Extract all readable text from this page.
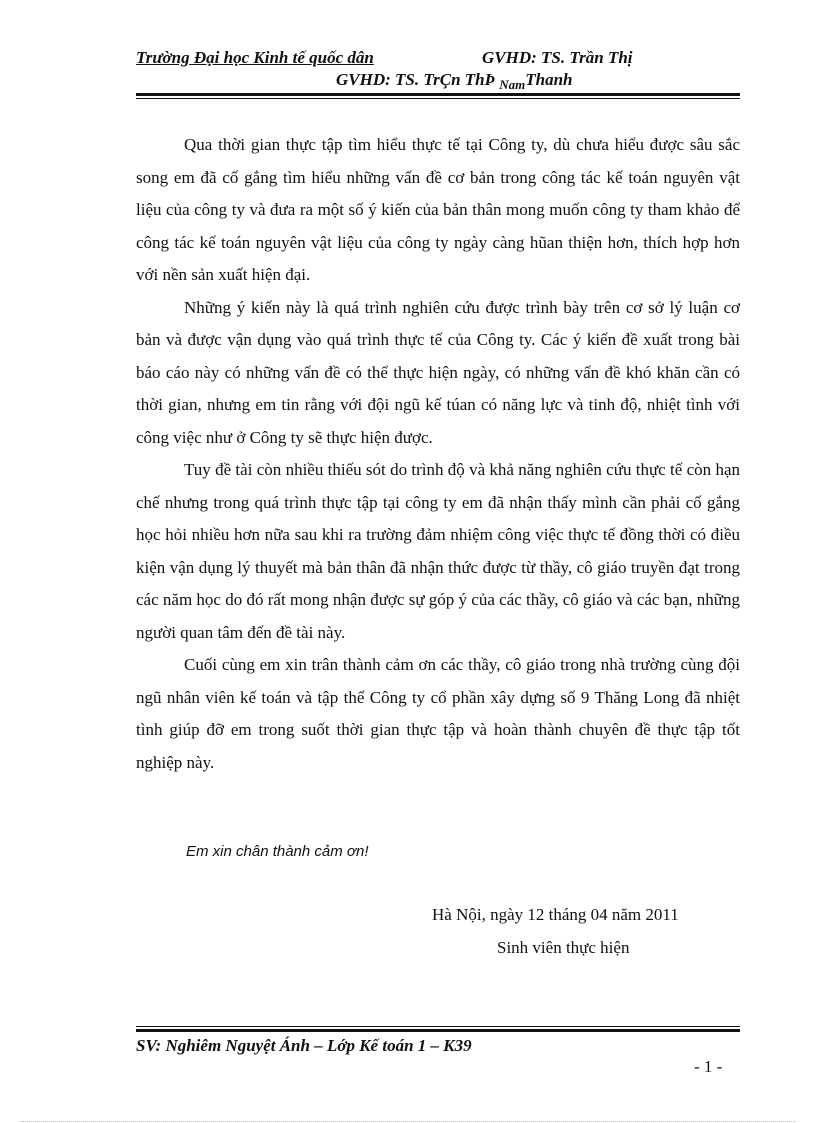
Trường Đại học Kinh tế quốc dân	GVHD: TS. Trần Thị
GVHD: TS. TrÇn ThÞ $_{Nam}$Thanh

Qua thời gian thực tập tìm hiểu thực tế tại Công ty, dù chưa hiểu được sâu sắc song em đã cố gắng tìm hiểu những vấn đề cơ bản trong công tác kế toán nguyên vật liệu của công ty và đưa ra một số ý kiến của bản thân mong muốn công ty tham khảo để công tác kế toán nguyên vật liệu của công ty ngày càng hũan thiện hơn, thích hợp hơn với nền sản xuất hiện đại.

Những ý kiến này là quá trình nghiên cứu được trình bày trên cơ sở lý luận cơ bản và được vận dụng vào quá trình thực tế của Công ty. Các ý kiến đề xuất trong bài báo cáo này có những vấn đề có thể thực hiện ngày, có những vấn đề khó khăn cần có thời gian, nhưng em tin rằng với đội ngũ kế túan có năng lực và tinh độ, nhiệt tình với công việc như ở Công ty sẽ thực hiện được.

Tuy đề tài còn nhiều thiếu sót do trình độ và khả năng nghiên cứu thực tế còn hạn chế nhưng trong quá trình thực tập tại công ty em đã nhận thấy mình cần phải cố gắng học hỏi nhiều hơn nữa sau khi ra trường đảm nhiệm công việc thực tế đồng thời có điều kiện vận dụng lý thuyết mà bản thân đã nhận thức được từ thầy, cô giáo truyền đạt trong các năm học do đó rất mong nhận được sự góp ý của các thầy, cô giáo và các bạn, những người quan tâm đến đề tài này.

Cuối cùng em xin trân thành cảm ơn các thầy, cô giáo trong nhà trường cùng đội ngũ nhân viên kế toán và tập thể Công ty cổ phần xây dựng số 9 Thăng Long đã nhiệt tình giúp đỡ em trong suốt thời gian thực tập và hoàn thành chuyên đề thực tập tốt nghiệp này.

Em xin chân thành cảm ơn!
Hà Nội, ngày 12 tháng 04 năm 2011
Sinh viên thực hiện
SV: Nghiêm Nguyệt Ánh – Lớp Kế toán 1 – K39
- 1 -
